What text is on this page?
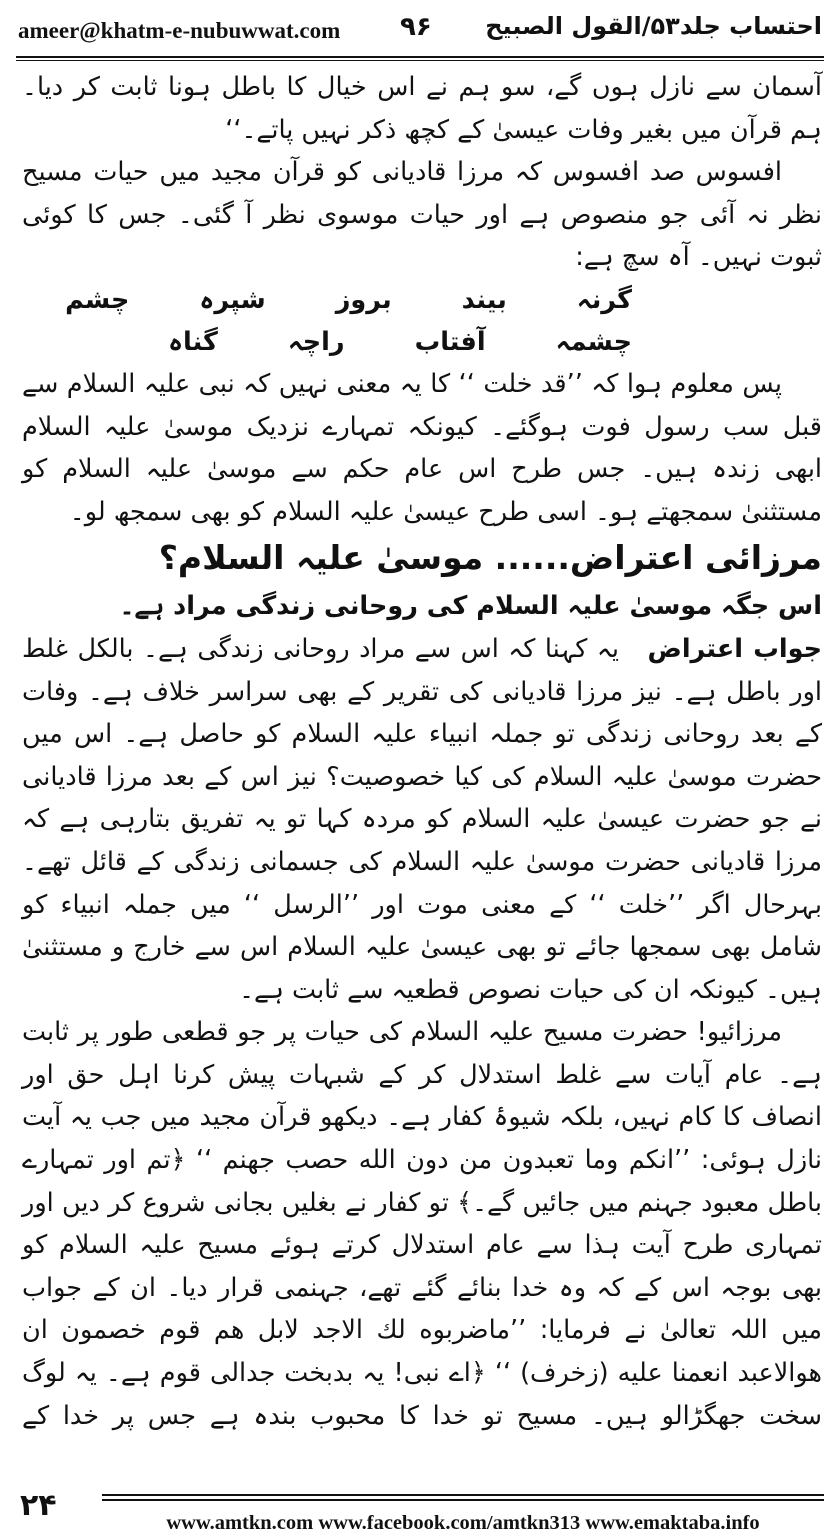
ameer@khatm-e-nubuwwat.com ۹۶ احتساب جلد۵۳/القول الصبیح

آسمان سے نازل ہوں گے، سو ہم نے اس خیال کا باطل ہونا ثابت کر دیا۔ ہم قرآن میں بغیر وفات عیسیٰ کے کچھ ذکر نہیں پاتے۔‘‘

افسوس صد افسوس کہ مرزا قادیانی کو قرآن مجید میں حیات مسیح نظر نہ آئی جو منصوص ہے اور حیات موسوی نظر آ گئی۔ جس کا کوئی ثبوت نہیں۔ آہ سچ ہے:

گرنہ
بیند
بروز
شپرہ
چشم
چشمہ
آفتاب
راچہ
گناہ

پس معلوم ہوا کہ ’’قد خلت ‘‘ کا یہ معنی نہیں کہ نبی علیہ السلام سے قبل سب رسول فوت ہوگئے۔ کیونکہ تمہارے نزدیک موسیٰ علیہ السلام ابھی زندہ ہیں۔ جس طرح اس عام حکم سے موسیٰ علیہ السلام کو مستثنیٰ سمجھتے ہو۔ اسی طرح عیسیٰ علیہ السلام کو بھی سمجھ لو۔

مرزائی اعتراض...... موسیٰ علیہ السلام؟
اس جگہ موسیٰ علیہ السلام کی روحانی زندگی مراد ہے۔

جواب اعتراض   یہ کہنا کہ اس سے مراد روحانی زندگی ہے۔ بالکل غلط اور باطل ہے۔ نیز مرزا قادیانی کی تقریر کے بھی سراسر خلاف ہے۔ وفات کے بعد روحانی زندگی تو جملہ انبیاء علیہ السلام کو حاصل ہے۔ اس میں حضرت موسیٰ علیہ السلام کی کیا خصوصیت؟ نیز اس کے بعد مرزا قادیانی نے جو حضرت عیسیٰ علیہ السلام کو مردہ کہا تو یہ تفریق بتارہی ہے کہ مرزا قادیانی حضرت موسیٰ علیہ السلام کی جسمانی زندگی کے قائل تھے۔ بہرحال اگر ’’خلت ‘‘ کے معنی موت اور ’’الرسل ‘‘ میں جملہ انبیاء کو شامل بھی سمجھا جائے تو بھی عیسیٰ علیہ السلام اس سے خارج و مستثنیٰ ہیں۔ کیونکہ ان کی حیات نصوص قطعیہ سے ثابت ہے۔

مرزائیو! حضرت مسیح علیہ السلام کی حیات پر جو قطعی طور پر ثابت ہے۔ عام آیات سے غلط استدلال کر کے شبہات پیش کرنا اہل حق اور انصاف کا کام نہیں، بلکہ شیوۂ کفار ہے۔ دیکھو قرآن مجید میں جب یہ آیت نازل ہوئی: ’’انکم وما تعبدون من دون الله حصب جهنم ‘‘ ﴿تم اور تمہارے باطل معبود جہنم میں جائیں گے۔﴾ تو کفار نے بغلیں بجانی شروع کر دیں اور تمہاری طرح آیت ہذا سے عام استدلال کرتے ہوئے مسیح علیہ السلام کو بھی بوجہ اس کے کہ وہ خدا بنائے گئے تھے، جہنمی قرار دیا۔ ان کے جواب میں اللہ تعالیٰ نے فرمایا: ’’ماضربوه لك الاجد لابل هم قوم خصمون ان هوالاعبد انعمنا عليه (زخرف) ‘‘ ﴿اے نبی! یہ بدبخت جدالی قوم ہے۔ یہ لوگ سخت جھگڑالو ہیں۔ مسیح تو خدا کا محبوب بندہ ہے جس پر خدا کے

۲۴	www.amtkn.com www.facebook.com/amtkn313 www.emaktaba.info
